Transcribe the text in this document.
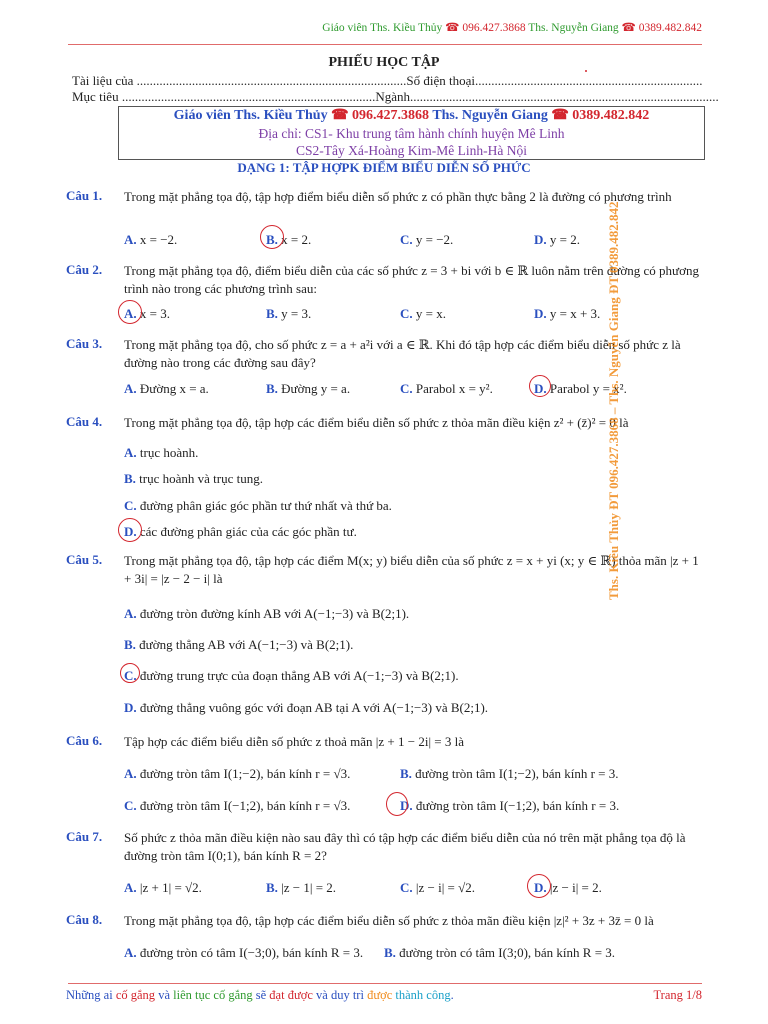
Giáo viên Ths. Kiều Thủy ☎ 096.427.3868 Ths. Nguyễn Giang ☎ 0389.482.842
PHIẾU HỌC TẬP
Tài liệu của ...................................................................................Số điện thoại......................................................................
Mục tiêu ..............................................................................Ngành...............................................................................................
Giáo viên Ths. Kiều Thủy ☎ 096.427.3868 Ths. Nguyễn Giang ☎ 0389.482.842
Địa chỉ: CS1- Khu trung tâm hành chính huyện Mê Linh
CS2-Tây Xá-Hoàng Kim-Mê Linh-Hà Nội
DẠNG 1: TẬP HỢPK ĐIỂM BIỂU DIỄN SỐ PHỨC
Câu 1. Trong mặt phẳng tọa độ, tập hợp điểm biểu diễn số phức z có phần thực bằng 2 là đường có phương trình
A. x = −2.	B. x = 2.	C. y = −2.	D. y = 2.
Câu 2. Trong mặt phẳng tọa độ, điểm biểu diễn của các số phức z = 3 + bi với b ∈ ℝ luôn nằm trên đường có phương trình nào trong các phương trình sau:
A. x = 3.	B. y = 3.	C. y = x.	D. y = x + 3.
Câu 3. Trong mặt phẳng tọa độ, cho số phức z = a + a²i với a ∈ ℝ. Khi đó tập hợp các điểm biểu diễn số phức z là đường nào trong các đường sau đây?
A. Đường x = a.	B. Đường y = a.	C. Parabol x = y².	D. Parabol y = x².
Câu 4. Trong mặt phẳng tọa độ, tập hợp các điểm biểu diễn số phức z thỏa mãn điều kiện z² + (z̄)² = 0 là
A. trục hoành.
B. trục hoành và trục tung.
C. đường phân giác góc phần tư thứ nhất và thứ ba.
D. các đường phân giác của các góc phần tư.
Câu 5. Trong mặt phẳng tọa độ, tập hợp các điểm M(x; y) biểu diễn của số phức z = x + yi (x; y ∈ ℝ) thỏa mãn |z + 1 + 3i| = |z − 2 − i| là
A. đường tròn đường kính AB với A(−1;−3) và B(2;1).
B. đường thẳng AB với A(−1;−3) và B(2;1).
C. đường trung trực của đoạn thẳng AB với A(−1;−3) và B(2;1).
D. đường thẳng vuông góc với đoạn AB tại A với A(−1;−3) và B(2;1).
Câu 6. Tập hợp các điểm biểu diễn số phức z thoả mãn |z + 1 − 2i| = 3 là
A. đường tròn tâm I(1;−2), bán kính r = √3.	B. đường tròn tâm I(1;−2), bán kính r = 3.
C. đường tròn tâm I(−1;2), bán kính r = √3.	D. đường tròn tâm I(−1;2), bán kính r = 3.
Câu 7. Số phức z thỏa mãn điều kiện nào sau đây thì có tập hợp các điểm biểu diễn của nó trên mặt phẳng tọa độ là đường tròn tâm I(0;1), bán kính R = 2?
A. |z + 1| = √2.	B. |z − 1| = 2.	C. |z − i| = √2.	D. |z − i| = 2.
Câu 8. Trong mặt phẳng tọa độ, tập hợp các điểm biểu diễn số phức z thỏa mãn điều kiện |z|² + 3z + 3z̄ = 0 là
A. đường tròn có tâm I(−3;0), bán kính R = 3. B. đường tròn có tâm I(3;0), bán kính R = 3.
Ths. Kiều Thủy ĐT 096.427.3868 – Ths. Nguyễn Giang ĐT 0389.482.842
Những ai cố gắng và liên tục cố gắng sẽ đạt được và duy trì được thành công.	Trang 1/8
